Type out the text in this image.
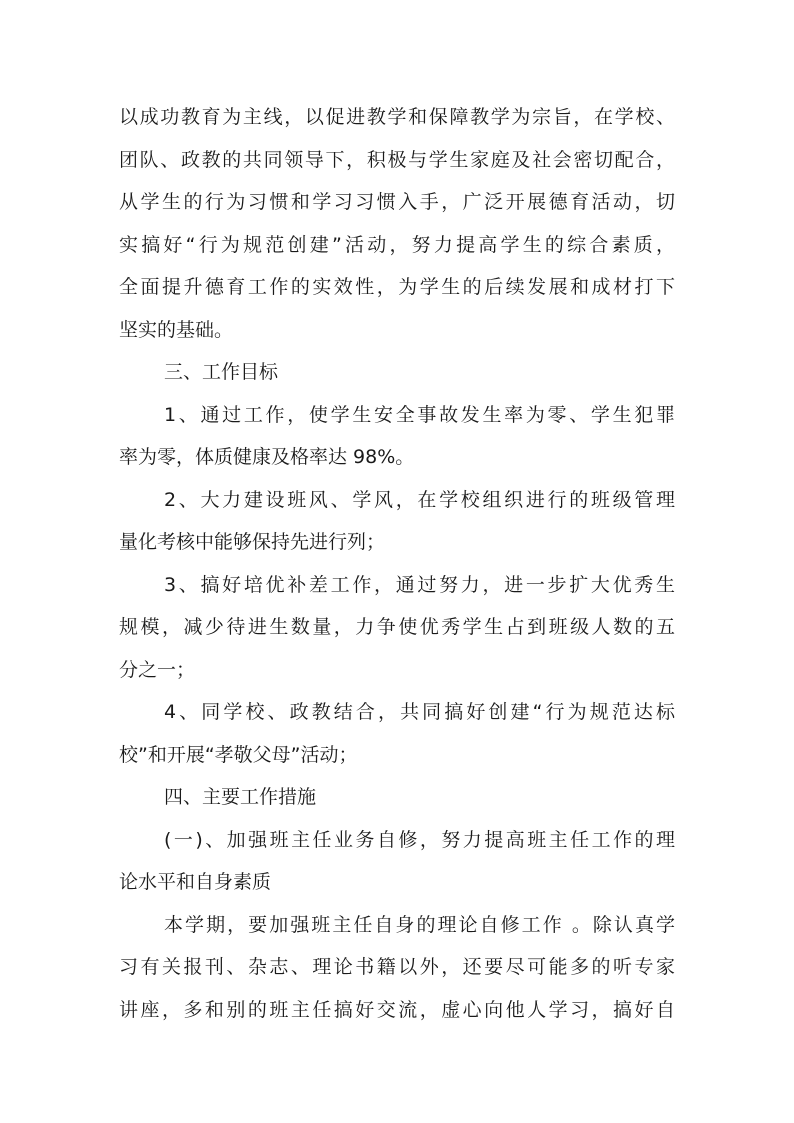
以成功教育为主线，以促进教学和保障教学为宗旨，在学校、
团队、政教的共同领导下，积极与学生家庭及社会密切配合，
从学生的行为习惯和学习习惯入手，广泛开展德育活动，切
实搞好“行为规范创建”活动，努力提高学生的综合素质，
全面提升德育工作的实效性，为学生的后续发展和成材打下
坚实的基础。
三、工作目标
1、通过工作，使学生安全事故发生率为零、学生犯罪
率为零，体质健康及格率达 98%。
2、大力建设班风、学风，在学校组织进行的班级管理
量化考核中能够保持先进行列；
3、搞好培优补差工作，通过努力，进一步扩大优秀生
规模，减少待进生数量，力争使优秀学生占到班级人数的五
分之一；
4、同学校、政教结合，共同搞好创建“行为规范达标
校”和开展“孝敬父母”活动；
四、主要工作措施
(一)、加强班主任业务自修，努力提高班主任工作的理
论水平和自身素质
本学期，要加强班主任自身的理论自修工作 。除认真学
习有关报刊、杂志、理论书籍以外，还要尽可能多的听专家
讲座，多和别的班主任搞好交流，虚心向他人学习，搞好自
